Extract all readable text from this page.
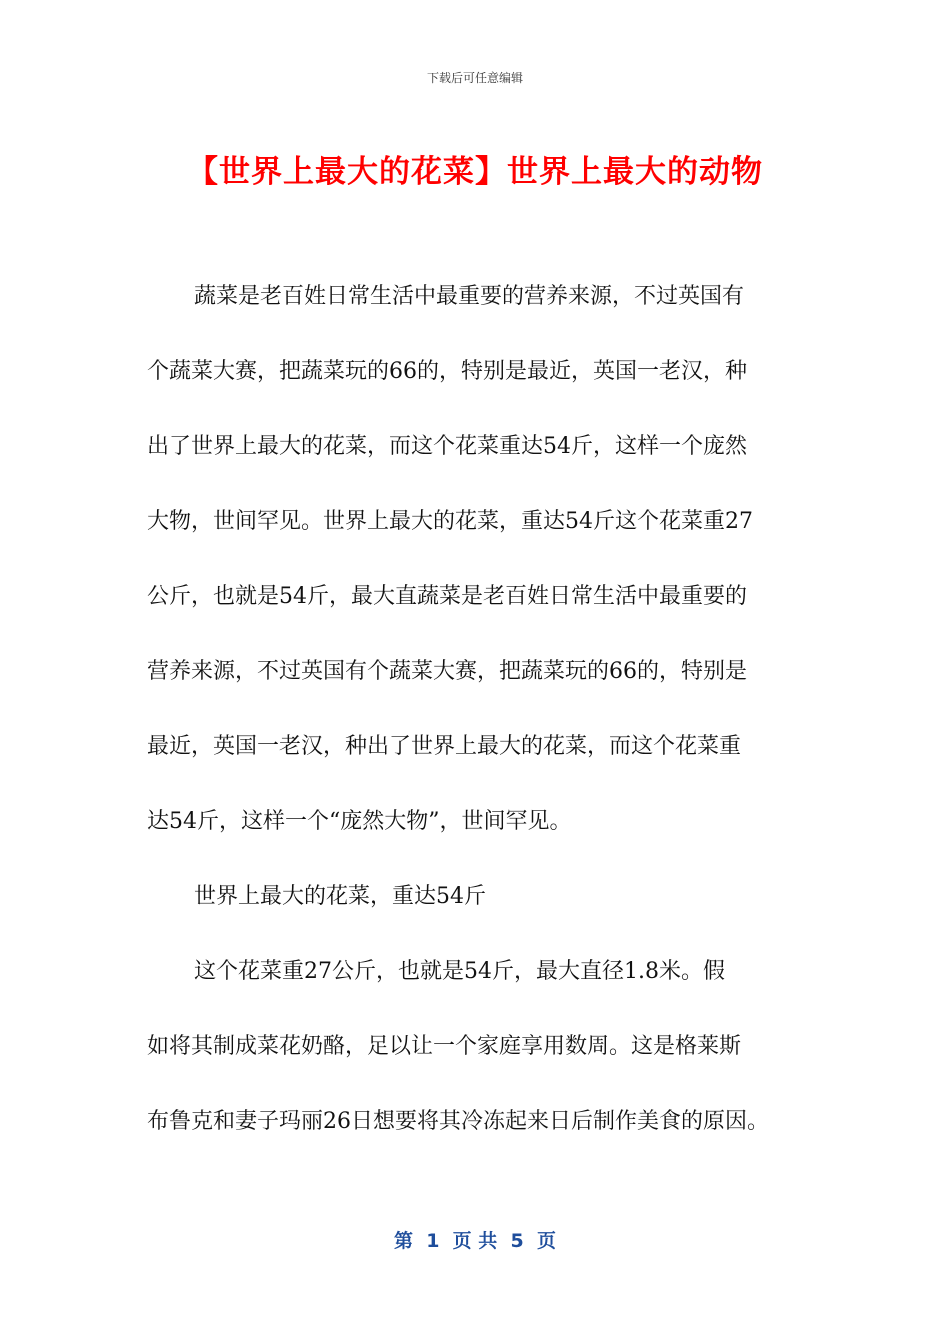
下载后可任意编辑
【世界上最大的花菜】世界上最大的动物
蔬菜是老百姓日常生活中最重要的营养来源，不过英国有
个蔬菜大赛，把蔬菜玩的66的，特别是最近，英国一老汉，种
出了世界上最大的花菜，而这个花菜重达54斤，这样一个庞然
大物，世间罕见。世界上最大的花菜，重达54斤这个花菜重27
公斤，也就是54斤，最大直蔬菜是老百姓日常生活中最重要的
营养来源，不过英国有个蔬菜大赛，把蔬菜玩的66的，特别是
最近，英国一老汉，种出了世界上最大的花菜，而这个花菜重
达54斤，这样一个“庞然大物”，世间罕见。
世界上最大的花菜，重达54斤
这个花菜重27公斤，也就是54斤，最大直径1.8米。假
如将其制成菜花奶酪，足以让一个家庭享用数周。这是格莱斯
布鲁克和妻子玛丽26日想要将其冷冻起来日后制作美食的原因。
第  1  页 共  5  页
